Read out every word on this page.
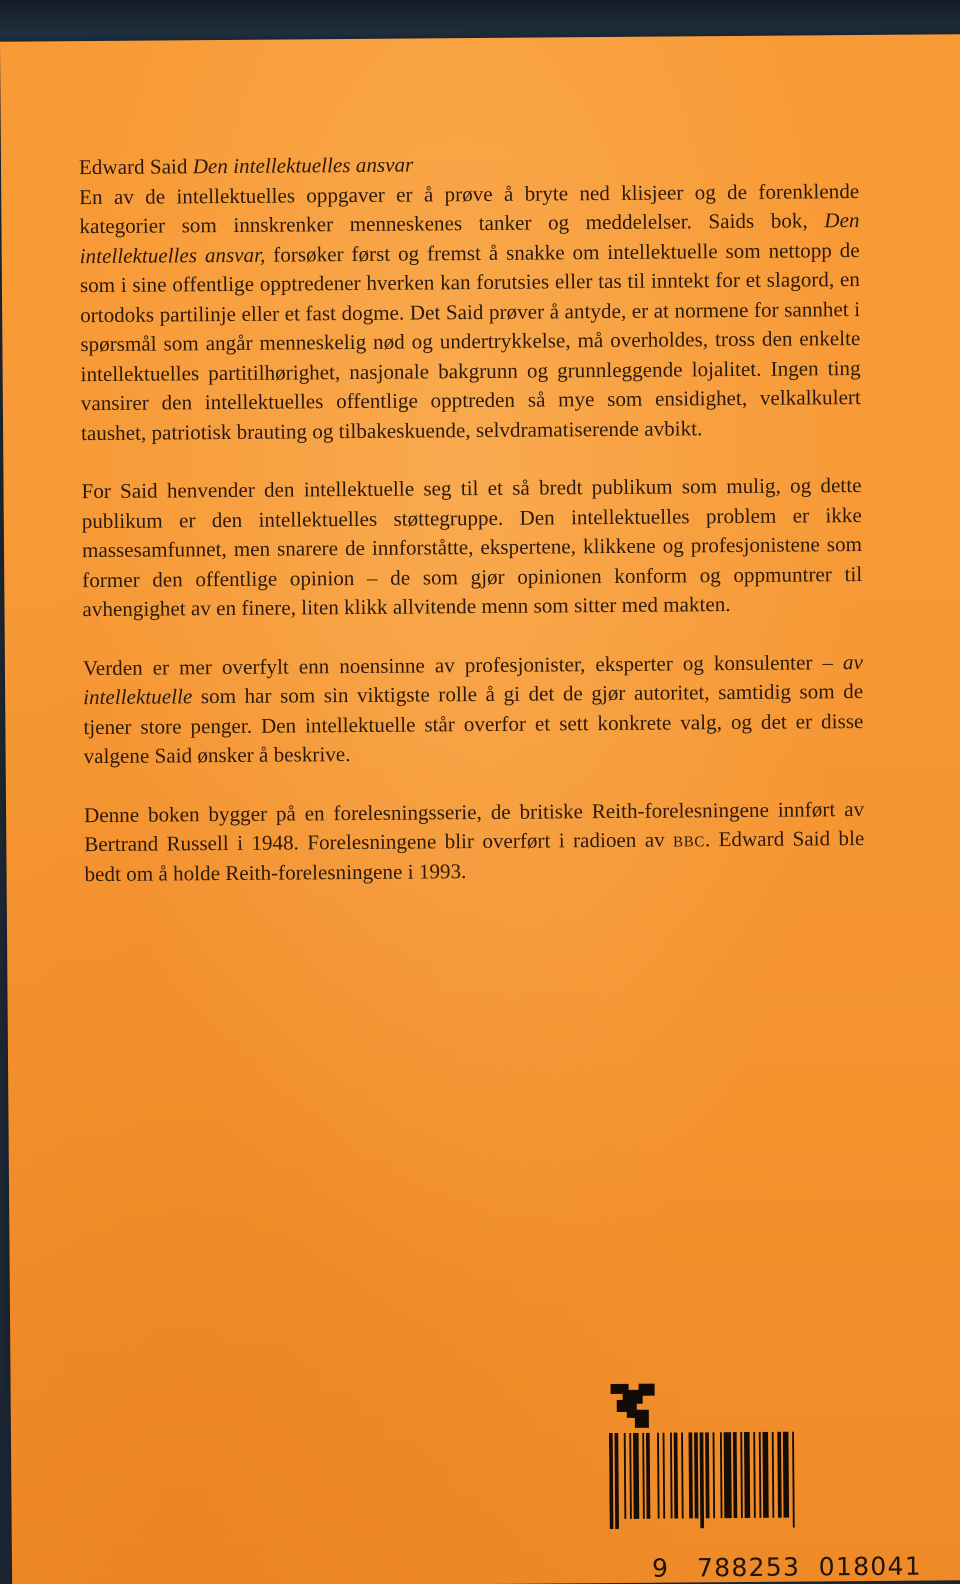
Edward Said Den intellektuelles ansvar

En av de intellektuelles oppgaver er å prøve å bryte ned klisjeer og de forenklende kategorier som innskrenker menneskenes tanker og meddelelser. Saids bok, Den intellektuelles ansvar, forsøker først og fremst å snakke om intellektuelle som nettopp de som i sine offentlige opptredener hverken kan forutsies eller tas til inntekt for et slagord, en ortodoks partilinje eller et fast dogme. Det Said prøver å antyde, er at normene for sannhet i spørsmål som angår menneskelig nød og undertrykkelse, må overholdes, tross den enkelte intellektuelles partitilhørighet, nasjonale bakgrunn og grunnleggende lojalitet. Ingen ting vansirer den intellektuelles offentlige opptreden så mye som ensidighet, velkalkulert taushet, patriotisk brauting og tilbakeskuende, selvdramatiserende avbikt.

For Said henvender den intellektuelle seg til et så bredt publikum som mulig, og dette publikum er den intellektuelles støttegruppe. Den intellektuelles problem er ikke massesamfunnet, men snarere de innforståtte, ekspertene, klikkene og profesjonistene som former den offentlige opinion – de som gjør opinionen konform og oppmuntrer til avhengighet av en finere, liten klikk allvitende menn som sitter med makten.

Verden er mer overfylt enn noensinne av profesjonister, eksperter og konsulenter – av intellektuelle som har som sin viktigste rolle å gi det de gjør autoritet, samtidig som de tjener store penger. Den intellektuelle står overfor et sett konkrete valg, og det er disse valgene Said ønsker å beskrive.

Denne boken bygger på en forelesningsserie, de britiske Reith-forelesningene innført av Bertrand Russell i 1948. Forelesningene blir overført i radioen av bbc. Edward Said ble bedt om å holde Reith-forelesningene i 1993.

9 788253 018041
